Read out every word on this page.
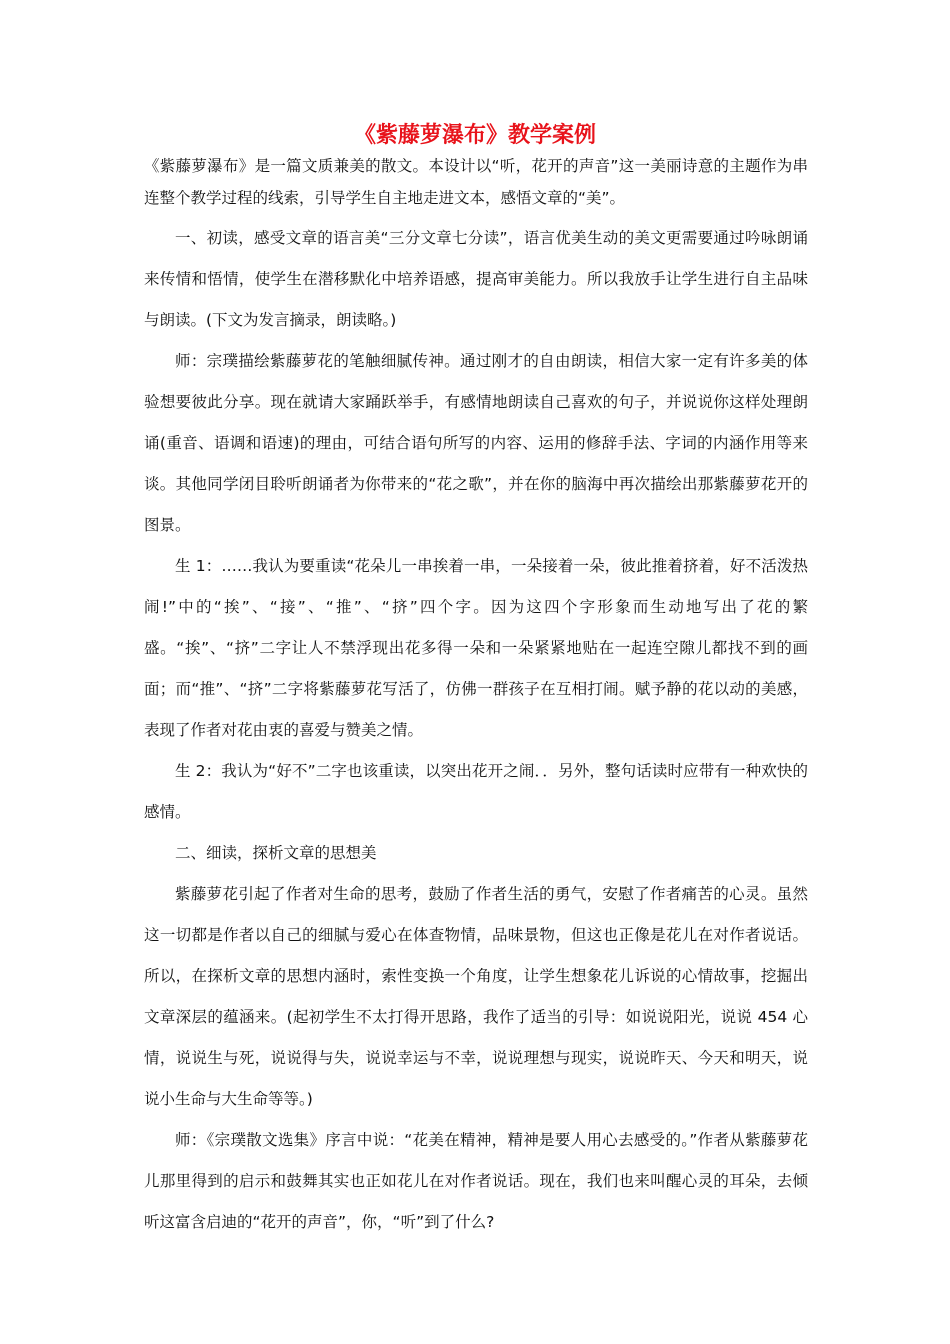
《紫藤萝瀑布》教学案例

《紫藤萝瀑布》是一篇文质兼美的散文。本设计以“听，花开的声音”这一美丽诗意的主题作为串连整个教学过程的线索，引导学生自主地走进文本，感悟文章的“美”。

一、初读，感受文章的语言美“三分文章七分读”，语言优美生动的美文更需要通过吟咏朗诵来传情和悟情，使学生在潜移默化中培养语感，提高审美能力。所以我放手让学生进行自主品味与朗读。(下文为发言摘录，朗读略。)

师：宗璞描绘紫藤萝花的笔触细腻传神。通过刚才的自由朗读，相信大家一定有许多美的体验想要彼此分享。现在就请大家踊跃举手，有感情地朗读自己喜欢的句子，并说说你这样处理朗诵(重音、语调和语速)的理由，可结合语句所写的内容、运用的修辞手法、字词的内涵作用等来谈。其他同学闭目聆听朗诵者为你带来的“花之歌”，并在你的脑海中再次描绘出那紫藤萝花开的图景。

生 1：……我认为要重读“花朵儿一串挨着一串，一朵接着一朵，彼此推着挤着，好不活泼热闹!”中的“挨”、“接”、“推”、“挤”四个字。因为这四个字形象而生动地写出了花的繁盛。“挨”、“挤”二字让人不禁浮现出花多得一朵和一朵紧紧地贴在一起连空隙儿都找不到的画面；而“推”、“挤”二字将紫藤萝花写活了，仿佛一群孩子在互相打闹。赋予静的花以动的美感，表现了作者对花由衷的喜爱与赞美之情。

生 2：我认为“好不”二字也该重读，以突出花开之闹．．另外，整句话读时应带有一种欢快的感情。

二、细读，探析文章的思想美

紫藤萝花引起了作者对生命的思考，鼓励了作者生活的勇气，安慰了作者痛苦的心灵。虽然这一切都是作者以自己的细腻与爱心在体查物情，品味景物，但这也正像是花儿在对作者说话。所以，在探析文章的思想内涵时，索性变换一个角度，让学生想象花儿诉说的心情故事，挖掘出文章深层的蕴涵来。(起初学生不太打得开思路，我作了适当的引导：如说说阳光，说说 454 心情，说说生与死，说说得与失，说说幸运与不幸，说说理想与现实，说说昨天、今天和明天，说说小生命与大生命等等。)

师：《宗璞散文选集》序言中说：“花美在精神，精神是要人用心去感受的。”作者从紫藤萝花儿那里得到的启示和鼓舞其实也正如花儿在对作者说话。现在，我们也来叫醒心灵的耳朵，去倾听这富含启迪的“花开的声音”，你，“听”到了什么?
